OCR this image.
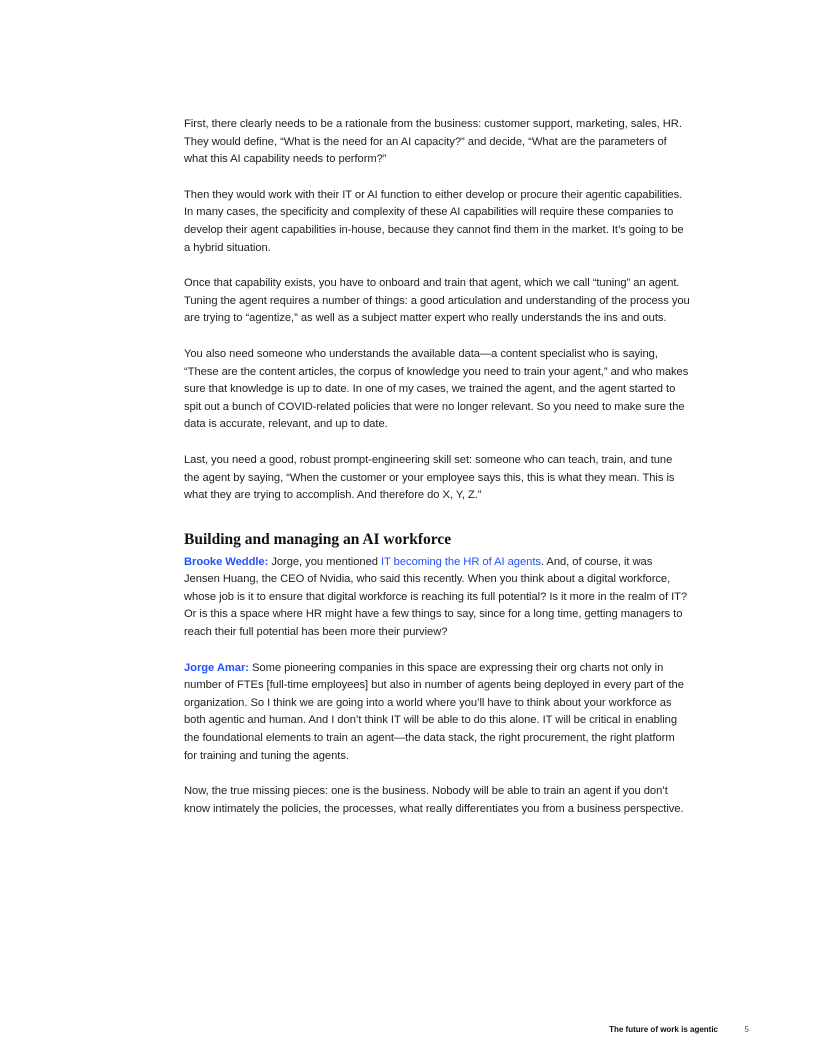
First, there clearly needs to be a rationale from the business: customer support, marketing, sales, HR. They would define, “What is the need for an AI capacity?” and decide, “What are the parameters of what this AI capability needs to perform?”

Then they would work with their IT or AI function to either develop or procure their agentic capabilities. In many cases, the specificity and complexity of these AI capabilities will require these companies to develop their agent capabilities in-house, because they cannot find them in the market. It’s going to be a hybrid situation.

Once that capability exists, you have to onboard and train that agent, which we call “tuning” an agent. Tuning the agent requires a number of things: a good articulation and understanding of the process you are trying to “agentize,” as well as a subject matter expert who really understands the ins and outs.

You also need someone who understands the available data—a content specialist who is saying, “These are the content articles, the corpus of knowledge you need to train your agent,” and who makes sure that knowledge is up to date. In one of my cases, we trained the agent, and the agent started to spit out a bunch of COVID-related policies that were no longer relevant. So you need to make sure the data is accurate, relevant, and up to date.

Last, you need a good, robust prompt-engineering skill set: someone who can teach, train, and tune the agent by saying, “When the customer or your employee says this, this is what they mean. This is what they are trying to accomplish. And therefore do X, Y, Z.”

Building and managing an AI workforce

Brooke Weddle: Jorge, you mentioned IT becoming the HR of AI agents. And, of course, it was Jensen Huang, the CEO of Nvidia, who said this recently. When you think about a digital workforce, whose job is it to ensure that digital workforce is reaching its full potential? Is it more in the realm of IT? Or is this a space where HR might have a few things to say, since for a long time, getting managers to reach their full potential has been more their purview?

Jorge Amar: Some pioneering companies in this space are expressing their org charts not only in number of FTEs [full-time employees] but also in number of agents being deployed in every part of the organization. So I think we are going into a world where you’ll have to think about your workforce as both agentic and human. And I don’t think IT will be able to do this alone. IT will be critical in enabling the foundational elements to train an agent—the data stack, the right procurement, the right platform for training and tuning the agents.

Now, the true missing pieces: one is the business. Nobody will be able to train an agent if you don’t know intimately the policies, the processes, what really differentiates you from a business perspective.

The future of work is agentic	5
